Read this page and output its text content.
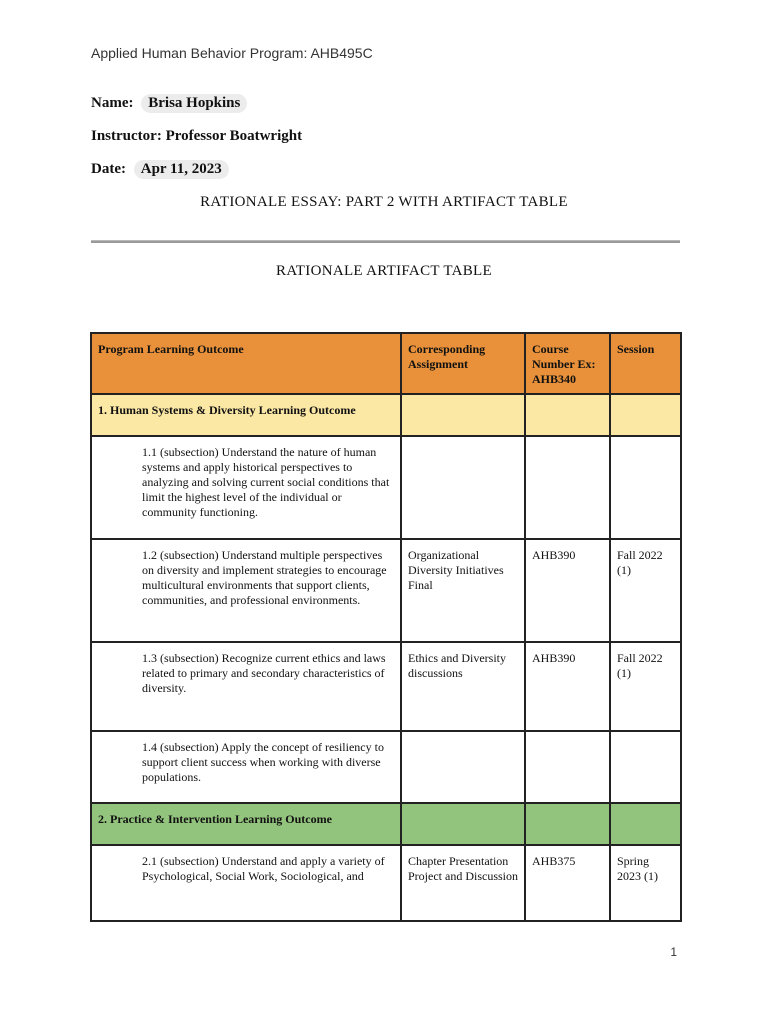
Applied Human Behavior Program: AHB495C
Name: Brisa Hopkins
Instructor: Professor Boatwright
Date: Apr 11, 2023
RATIONALE ESSAY: PART 2 WITH ARTIFACT TABLE
RATIONALE ARTIFACT TABLE
Program Learning Outcome	Corresponding Assignment	Course Number Ex: AHB340	Session
1. Human Systems & Diversity Learning Outcome			
1.1 (subsection) Understand the nature of human systems and apply historical perspectives to analyzing and solving current social conditions that limit the highest level of the individual or community functioning.			
1.2 (subsection) Understand multiple perspectives on diversity and implement strategies to encourage multicultural environments that support clients, communities, and professional environments.	Organizational Diversity Initiatives Final	AHB390	Fall 2022 (1)
1.3 (subsection) Recognize current ethics and laws related to primary and secondary characteristics of diversity.	Ethics and Diversity discussions	AHB390	Fall 2022 (1)
1.4 (subsection) Apply the concept of resiliency to support client success when working with diverse populations.			
2. Practice & Intervention Learning Outcome			
2.1 (subsection) Understand and apply a variety of Psychological, Social Work, Sociological, and	Chapter Presentation Project and Discussion	AHB375	Spring 2023 (1)
1
